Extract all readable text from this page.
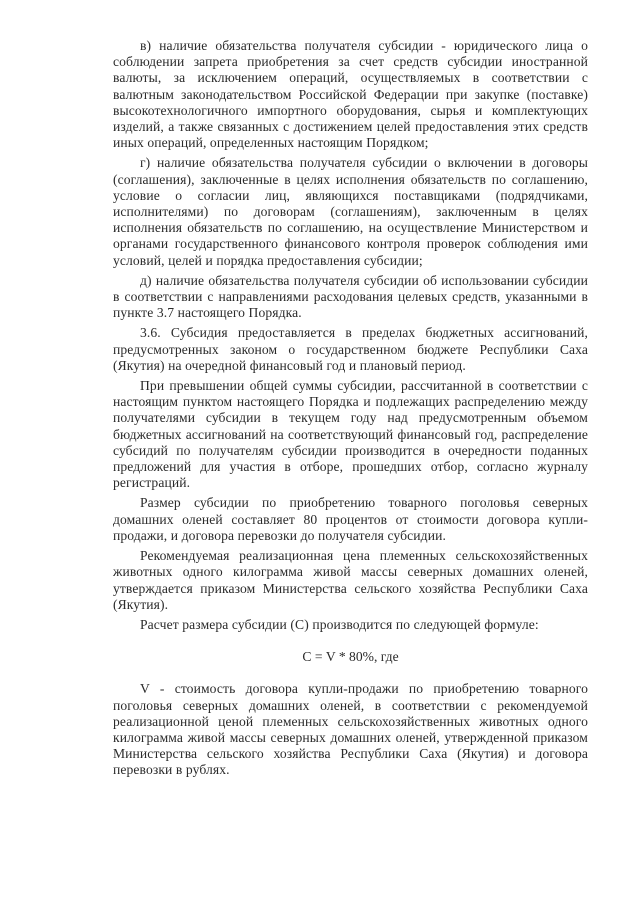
в) наличие обязательства получателя субсидии - юридического лица о соблюдении запрета приобретения за счет средств субсидии иностранной валюты, за исключением операций, осуществляемых в соответствии с валютным законодательством Российской Федерации при закупке (поставке) высокотехнологичного импортного оборудования, сырья и комплектующих изделий, а также связанных с достижением целей предоставления этих средств иных операций, определенных настоящим Порядком;

г) наличие обязательства получателя субсидии о включении в договоры (соглашения), заключенные в целях исполнения обязательств по соглашению, условие о согласии лиц, являющихся поставщиками (подрядчиками, исполнителями) по договорам (соглашениям), заключенным в целях исполнения обязательств по соглашению, на осуществление Министерством и органами государственного финансового контроля проверок соблюдения ими условий, целей и порядка предоставления субсидии;

д) наличие обязательства получателя субсидии об использовании субсидии в соответствии с направлениями расходования целевых средств, указанными в пункте 3.7 настоящего Порядка.

3.6. Субсидия предоставляется в пределах бюджетных ассигнований, предусмотренных законом о государственном бюджете Республики Саха (Якутия) на очередной финансовый год и плановый период.

При превышении общей суммы субсидии, рассчитанной в соответствии с настоящим пунктом настоящего Порядка и подлежащих распределению между получателями субсидии в текущем году над предусмотренным объемом бюджетных ассигнований на соответствующий финансовый год, распределение субсидий по получателям субсидии производится в очередности поданных предложений для участия в отборе, прошедших отбор, согласно журналу регистраций.

Размер субсидии по приобретению товарного поголовья северных домашних оленей составляет 80 процентов от стоимости договора купли-продажи, и договора перевозки до получателя субсидии.

Рекомендуемая реализационная цена племенных сельскохозяйственных животных одного килограмма живой массы северных домашних оленей, утверждается приказом Министерства сельского хозяйства Республики Саха (Якутия).

Расчет размера субсидии (С) производится по следующей формуле:

С = V * 80%, где

V - стоимость договора купли-продажи по приобретению товарного поголовья северных домашних оленей, в соответствии с рекомендуемой реализационной ценой племенных сельскохозяйственных животных одного килограмма живой массы северных домашних оленей, утвержденной приказом Министерства сельского хозяйства Республики Саха (Якутия) и договора перевозки в рублях.
